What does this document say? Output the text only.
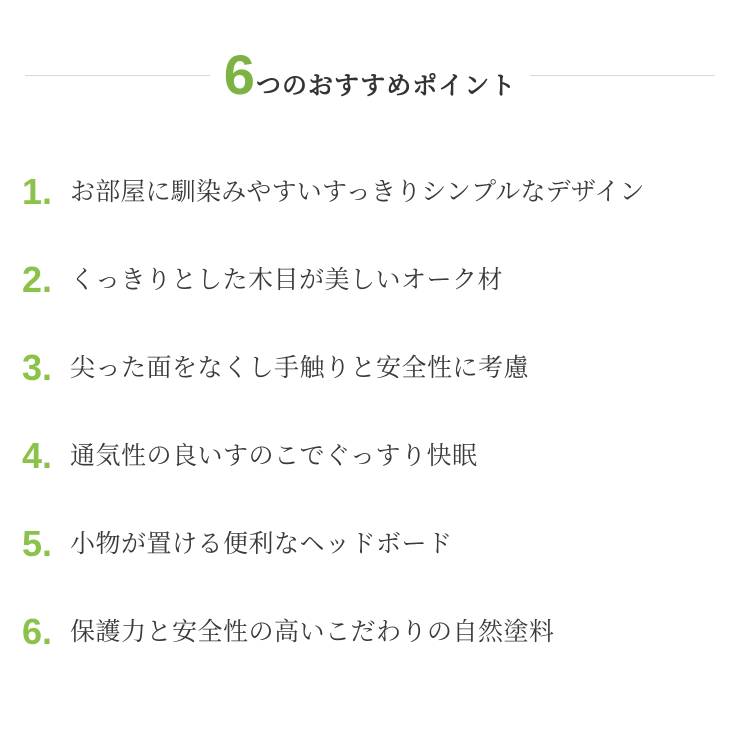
6 つのおすすめポイント
1. お部屋に馴染みやすいすっきりシンプルなデザイン
2. くっきりとした木目が美しいオーク材
3. 尖った面をなくし手触りと安全性に考慮
4. 通気性の良いすのこでぐっすり快眠
5. 小物が置ける便利なヘッドボード
6. 保護力と安全性の高いこだわりの自然塗料
